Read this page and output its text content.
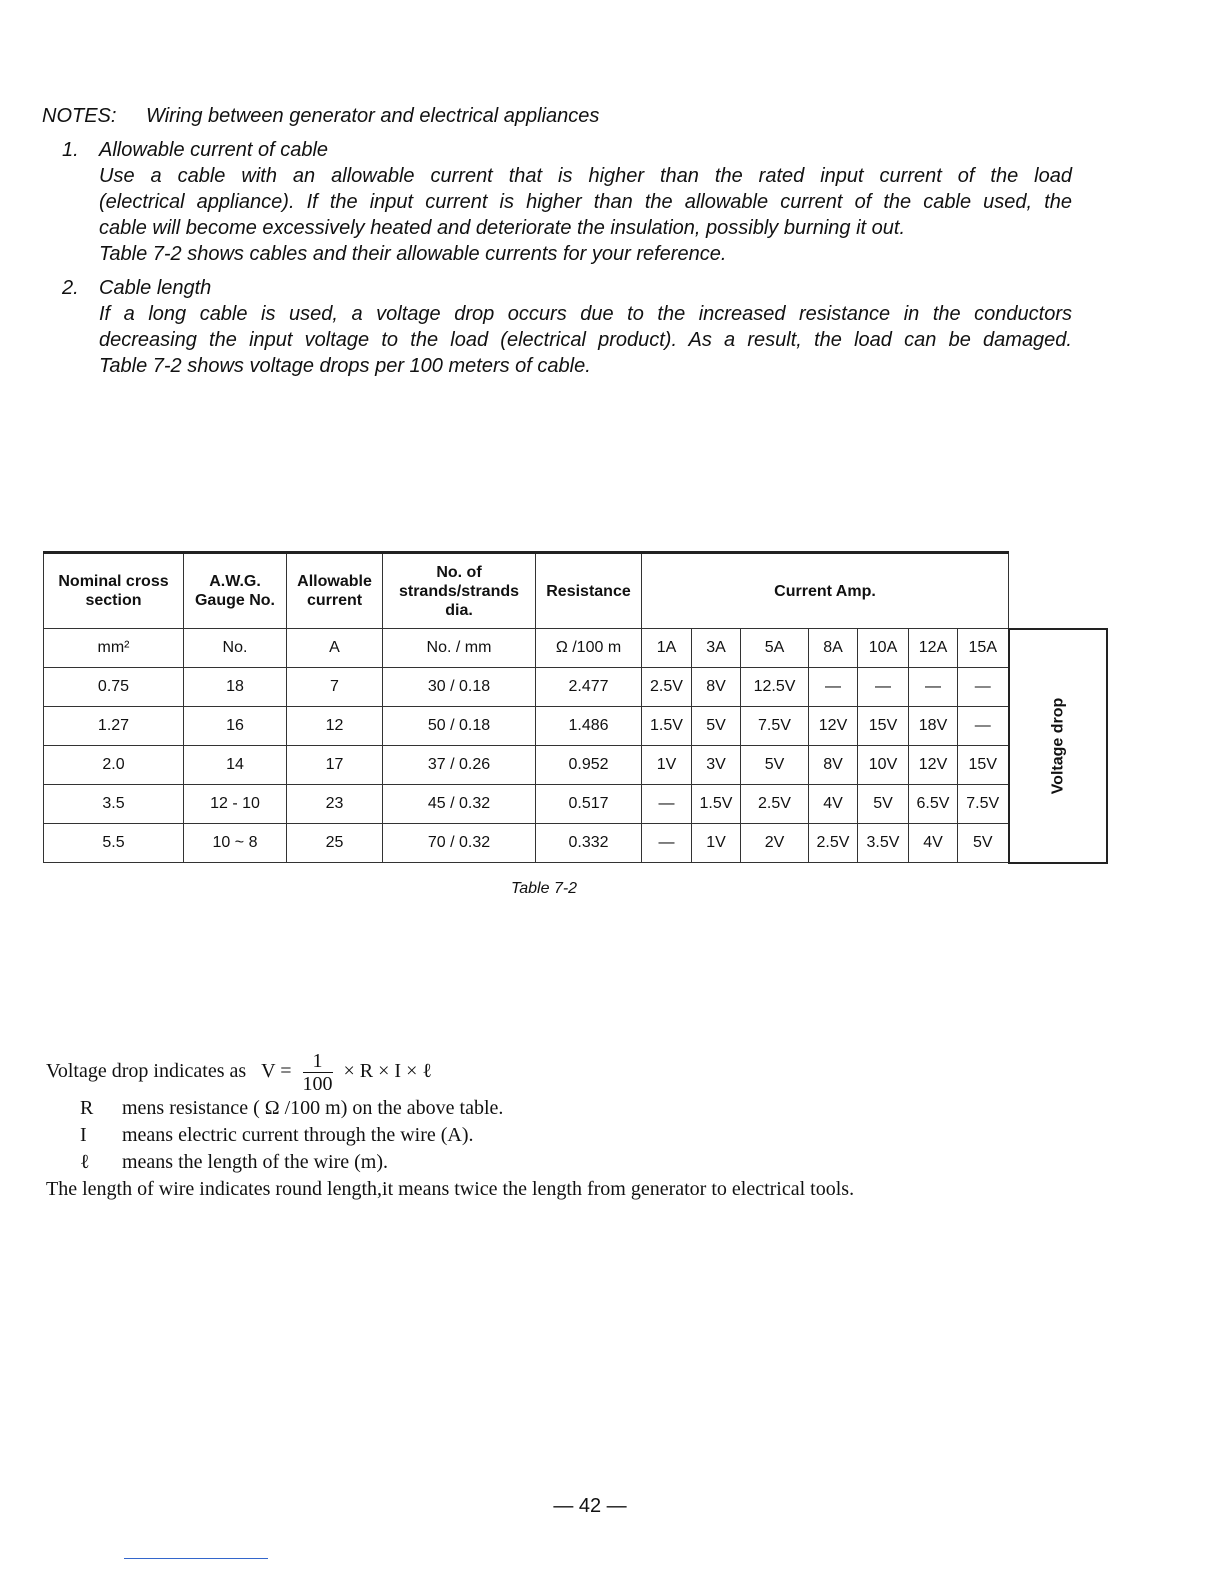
NOTES:	Wiring between generator and electrical appliances
1. Allowable current of cable
Use a cable with an allowable current that is higher than the rated input current of the load
(electrical appliance). If the input current is higher than the allowable current of the cable used, the
cable will become excessively heated and deteriorate the insulation, possibly burning it out.
Table 7-2 shows cables and their allowable currents for your reference.
2. Cable length
If a long cable is used, a voltage drop occurs due to the increased resistance in the conductors
decreasing the input voltage to the load (electrical product). As a result, the load can be damaged.
Table 7-2 shows voltage drops per 100 meters of cable.
Nominal cross section	A.W.G. Gauge No.	Allowable current	No. of strands/strands dia.	Resistance	Current Amp.							
mm²	No.	A	No. / mm	Ω /100 m	1A	3A	5A	8A	10A	12A	15A	Voltage drop
0.75	18	7	30 / 0.18	2.477	2.5V	8V	12.5V	—	—	—	—	
1.27	16	12	50 / 0.18	1.486	1.5V	5V	7.5V	12V	15V	18V	—	
2.0	14	17	37 / 0.26	0.952	1V	3V	5V	8V	10V	12V	15V	
3.5	12 - 10	23	45 / 0.32	0.517	—	1.5V	2.5V	4V	5V	6.5V	7.5V	
5.5	10 ~ 8	25	70 / 0.32	0.332	—	1V	2V	2.5V	3.5V	4V	5V	
Table 7-2
Voltage drop indicates as $V = \frac{1}{100} \times R \times I$ × ℓ
R	mens resistance ( Ω /100 m) on the above table.
I	means electric current through the wire (A).
ℓ	means the length of the wire (m).
The length of wire indicates round length,it means twice the length from generator to electrical tools.
— 42 —
